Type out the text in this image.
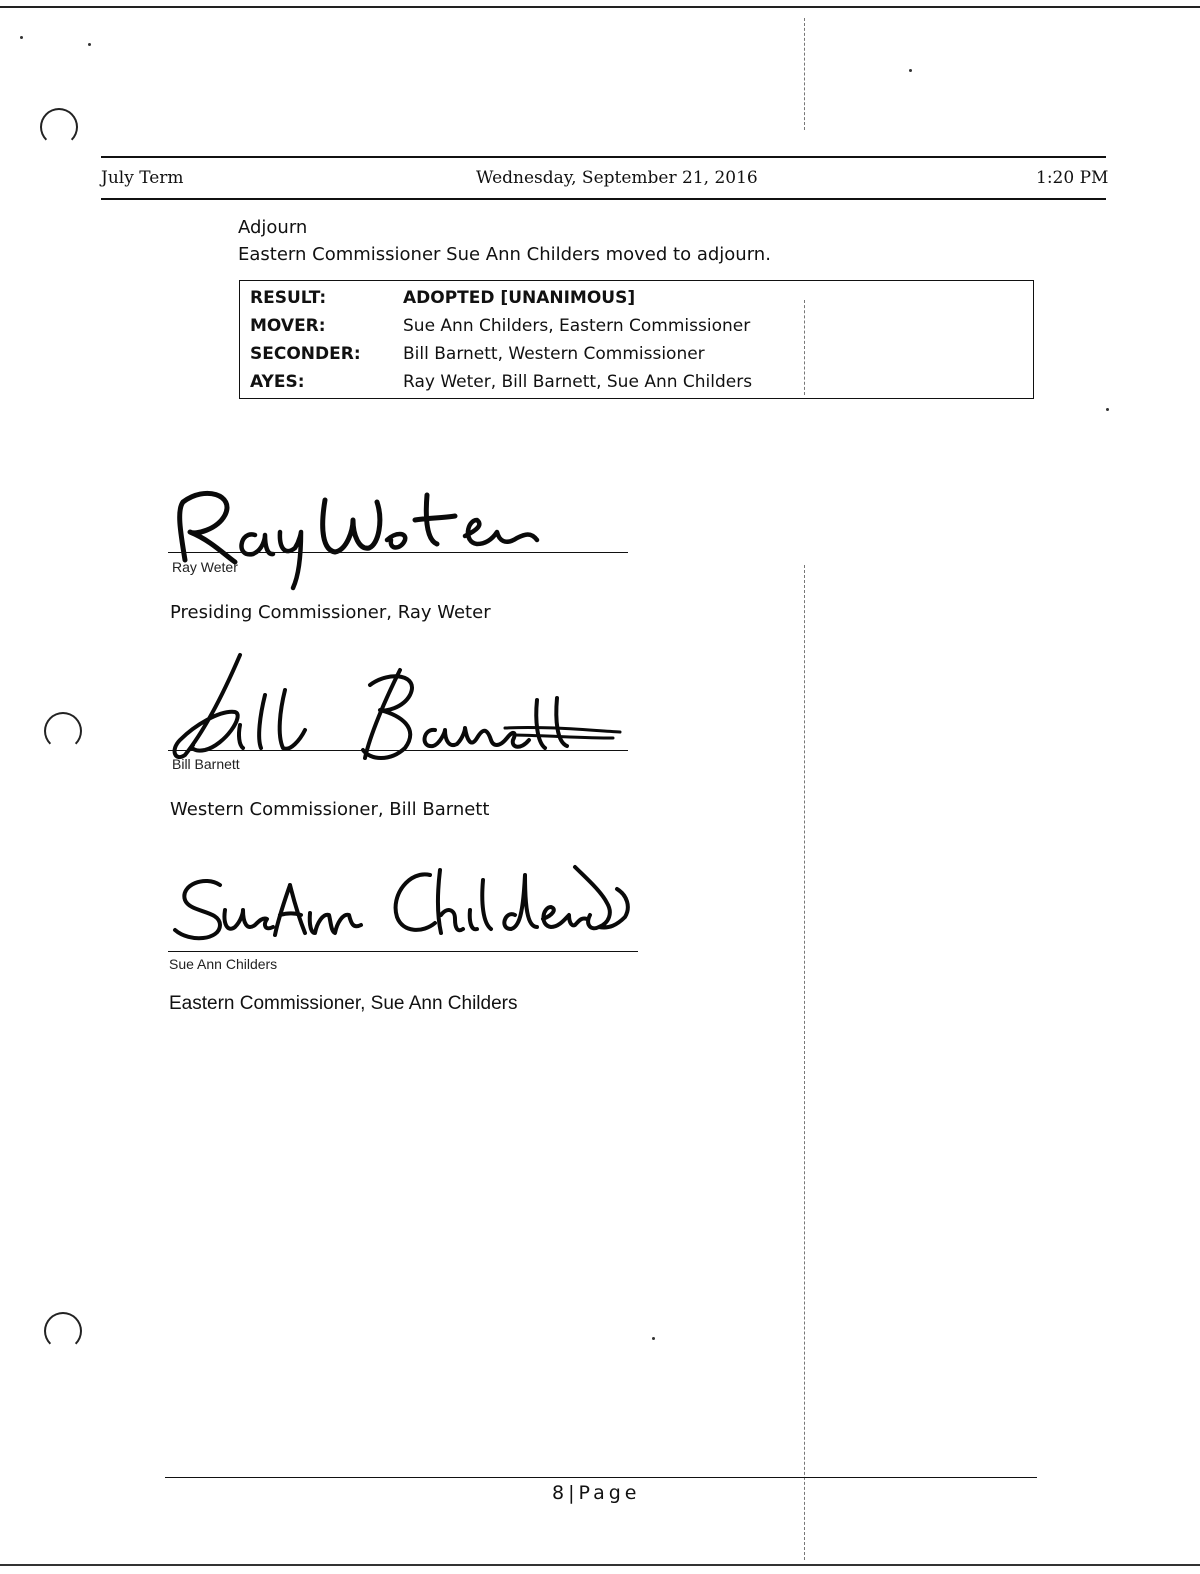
July Term	Wednesday, September 21, 2016	1:20 PM
Adjourn
Eastern Commissioner Sue Ann Childers moved to adjourn.
RESULT:	ADOPTED [UNANIMOUS]
MOVER:	Sue Ann Childers, Eastern Commissioner
SECONDER:	Bill Barnett, Western Commissioner
AYES:	Ray Weter, Bill Barnett, Sue Ann Childers
Ray Weter
Presiding Commissioner, Ray Weter
Bill Barnett
Western Commissioner, Bill Barnett
Sue Ann Childers
Eastern Commissioner, Sue Ann Childers
8|Page
